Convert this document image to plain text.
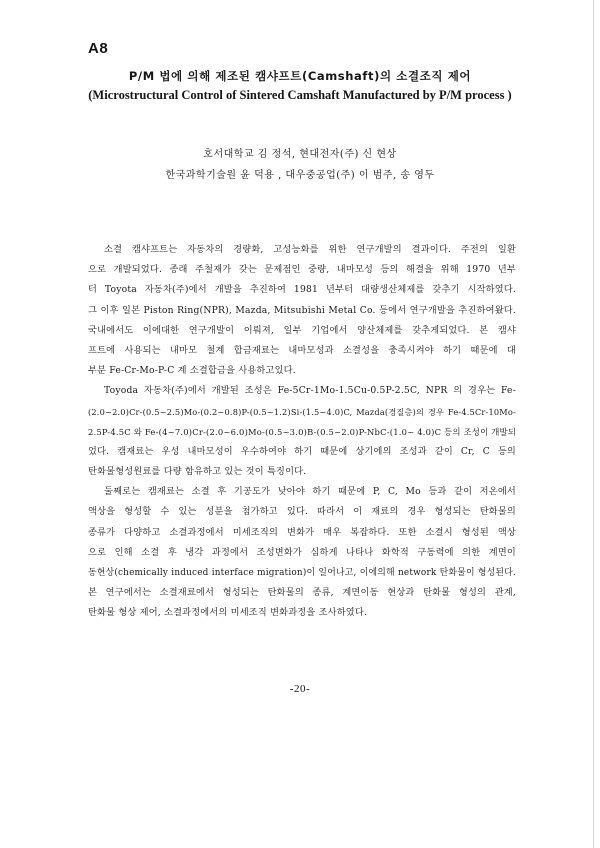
A8
P/M 법에 의해 제조된 캠샤프트(Camshaft)의 소결조직 제어
(Microstructural Control of Sintered Camshaft Manufactured by P/M process )
호서대학교 김 정석, 현대전자(주) 신 현상
한국과학기술원 윤 덕용 , 대우중공업(주) 이 범주, 송 영두
소결 캠샤프트는 자동차의 경량화, 고성능화를 위한 연구개발의 결과이다. 주전의 일환
으로 개발되었다. 종래 주철재가 갖는 문제점인 중량, 내마모성 등의 해결을 위해 1970 년부
터 Toyota 자동차(주)에서 개발을 추진하여 1981 년부터 대량생산체제를 갖추기 시작하였다.
그 이후 일본 Piston Ring(NPR), Mazda, Mitsubishi Metal Co. 등에서 연구개발을 추진하여왔다.
국내에서도 이에대한 연구개발이 이뤄져, 일부 기업에서 양산체제를 갖추게되었다. 본 캠샤
프트에 사용되는 내마모 철계 합금재료는 내마모성과 소결성을 충족시켜야 하기 때문에 대
부분 Fe-Cr-Mo-P-C 계 소결합금을 사용하고있다.
Toyoda 자동차(주)에서 개발된 조성은 Fe-5Cr-1Mo-1.5Cu-0.5P-2.5C, NPR 의 경우는 Fe-
(2.0~2.0)Cr-(0.5~2.5)Mo-(0.2~0.8)P-(0.5~1.2)Si-(1.5~4.0)C, Mazda(경질층)의 경우 Fe-4.5Cr-10Mo-
2.5P-4.5C 와 Fe-(4~7.0)Cr-(2.0~6.0)Mo-(0.5~3.0)B-(0.5~2.0)P-NbC-(1.0~ 4.0)C 등의 조성이 개발되
었다. 캠재료는 우성 내마모성이 우수하여야 하기 때문에 상기에의 조성과 같이 Cr, C 등의
탄화물형성원료를 다량 함유하고 있는 것이 특징이다.
둘째로는 캠재료는 소결 후 기공도가 낮아야 하기 때문에 P, C, Mo 등과 같이 저온에서
액상을 형성할 수 있는 성분을 첨가하고 있다. 따라서 이 재료의 경우 형성되는 탄화물의
종류가 다양하고 소결과정에서 미세조직의 변화가 매우 복잡하다. 또한 소결시 형성된 액상
으로 인해 소결 후 냉각 과정에서 조성변화가 심하게 나타나 화학적 구동력에 의한 계면이
동현상(chemically induced interface migration)이 일어나고, 이에의해 network 탄화물이 형성된다.
본 연구에서는 소결재료에서 형성되는 탄화물의 종류, 계면이동 현상과 탄화물 형성의 관계,
탄화물 형상 제어, 소결과정에서의 미세조직 변화과정을 조사하였다.
-20-
